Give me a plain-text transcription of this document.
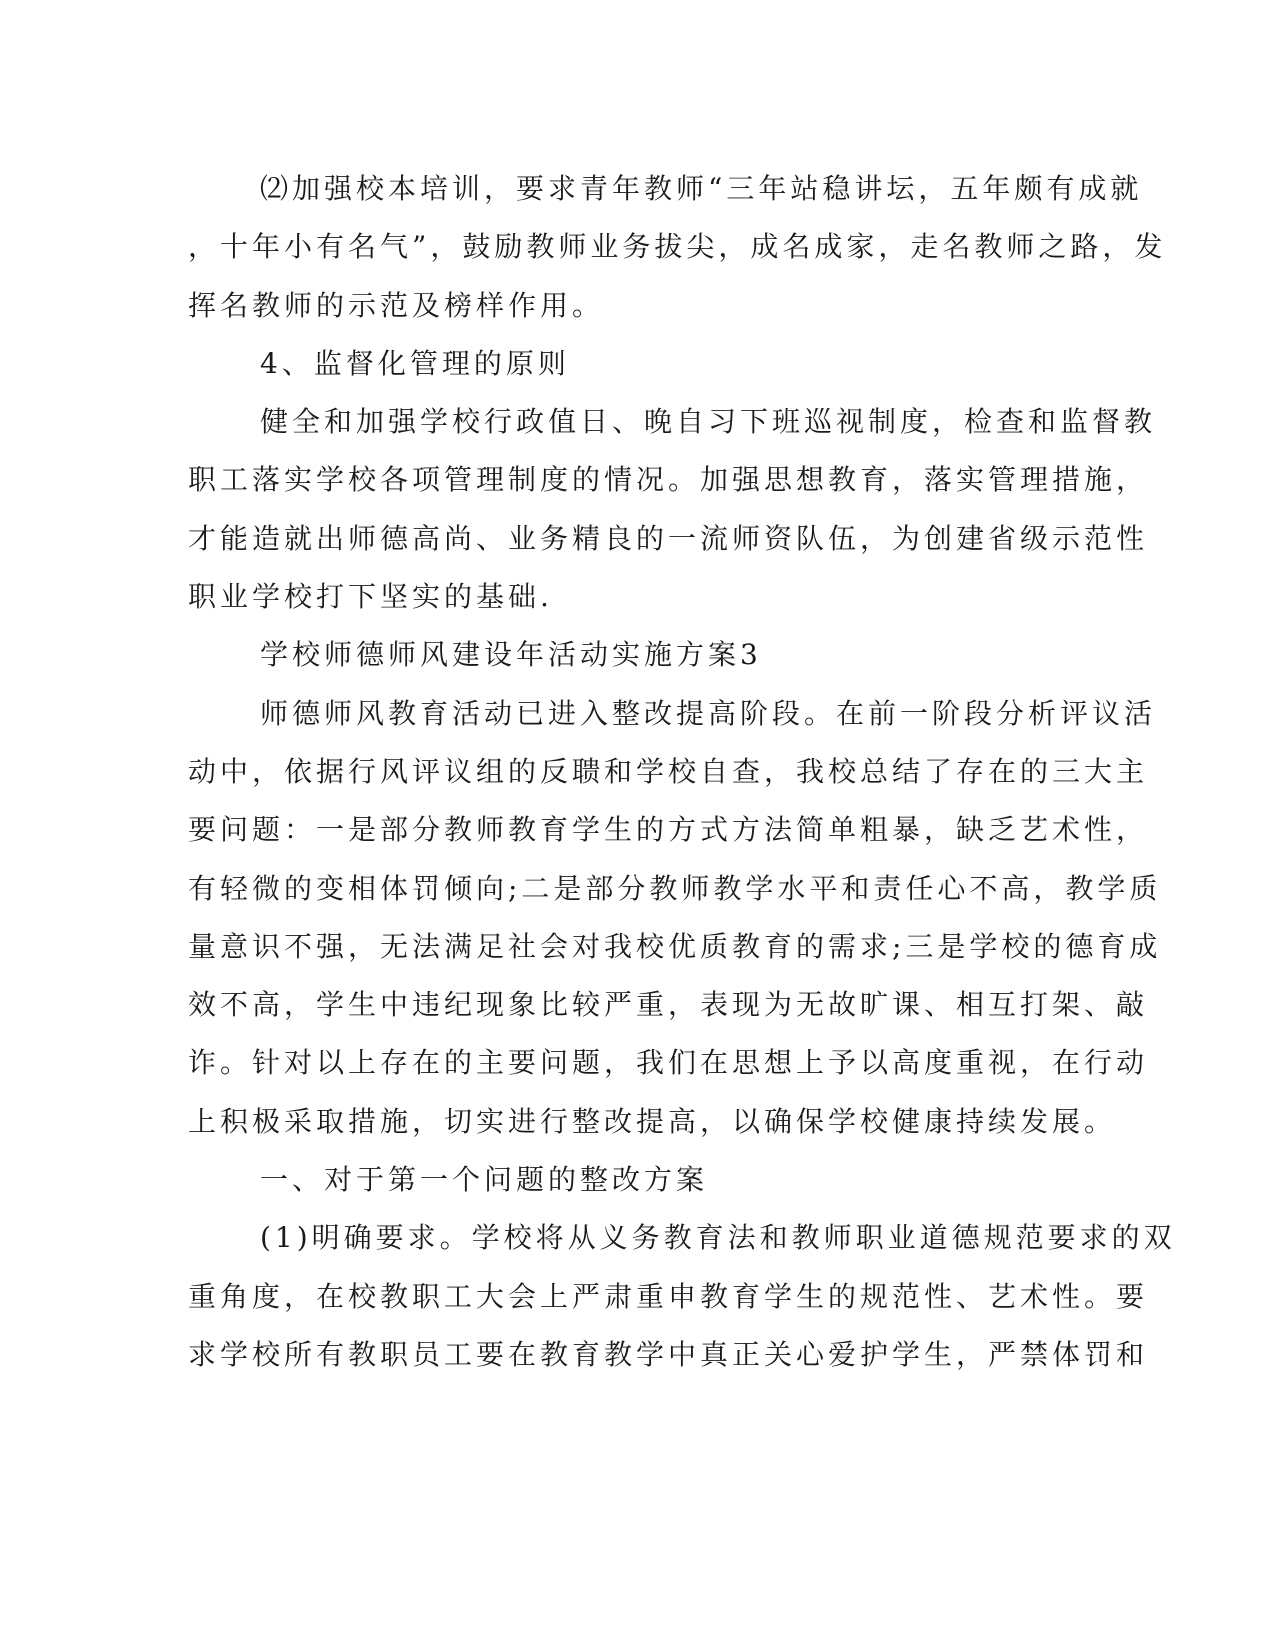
⑵加强校本培训，要求青年教师“三年站稳讲坛，五年颇有成就
，十年小有名气”，鼓励教师业务拔尖，成名成家，走名教师之路，发
挥名教师的示范及榜样作用。
4、监督化管理的原则
健全和加强学校行政值日、晚自习下班巡视制度，检查和监督教
职工落实学校各项管理制度的情况。加强思想教育，落实管理措施，
才能造就出师德高尚、业务精良的一流师资队伍，为创建省级示范性
职业学校打下坚实的基础.
学校师德师风建设年活动实施方案3
师德师风教育活动已进入整改提高阶段。在前一阶段分析评议活
动中，依据行风评议组的反聩和学校自查，我校总结了存在的三大主
要问题：一是部分教师教育学生的方式方法简单粗暴，缺乏艺术性，
有轻微的变相体罚倾向;二是部分教师教学水平和责任心不高，教学质
量意识不强，无法满足社会对我校优质教育的需求;三是学校的德育成
效不高，学生中违纪现象比较严重，表现为无故旷课、相互打架、敲
诈。针对以上存在的主要问题，我们在思想上予以高度重视，在行动
上积极采取措施，切实进行整改提高，以确保学校健康持续发展。
一、对于第一个问题的整改方案
(1)明确要求。学校将从义务教育法和教师职业道德规范要求的双
重角度，在校教职工大会上严肃重申教育学生的规范性、艺术性。要
求学校所有教职员工要在教育教学中真正关心爱护学生，严禁体罚和
